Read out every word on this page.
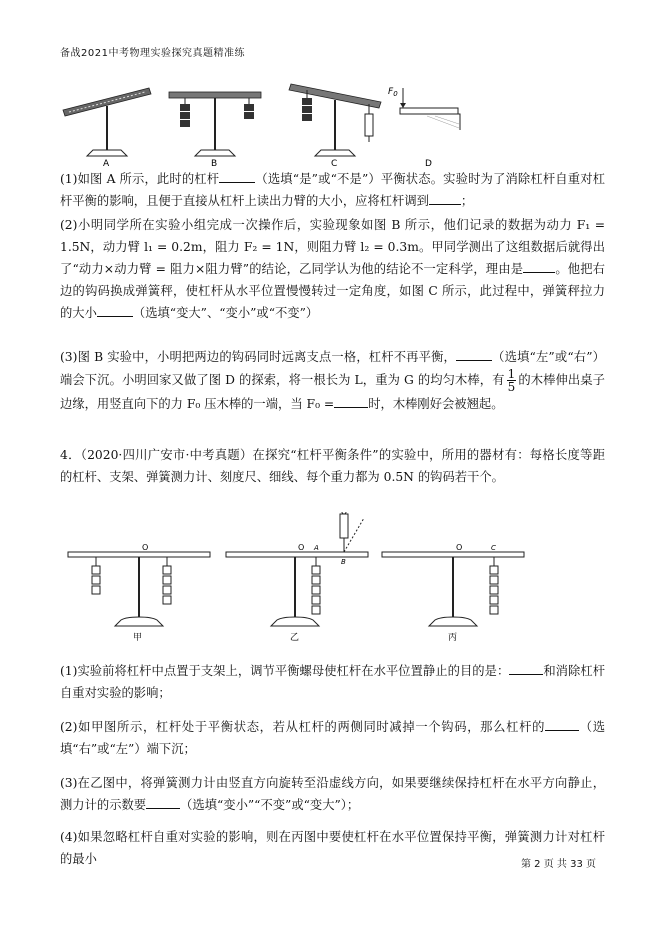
备战2021中考物理实验探究真题精准练
A	B	C
$F_0$
D
(1)如图 A 所示，此时的杠杆	（选填“是”或“不是”）平衡状态。实验时为了消除杠杆自重对杠杆平衡的影响，且便于直接从杠杆上读出力臂的大小，应将杠杆调到	；
(2)小明同学所在实验小组完成一次操作后，实验现象如图 B 所示，他们记录的数据为动力 F₁ = 1.5N，动力臂 l₁ = 0.2m，阻力 F₂ = 1N，则阻力臂 l₂ = 0.3m。甲同学测出了这组数据后就得出了“动力×动力臂 = 阻力×阻力臂”的结论，乙同学认为他的结论不一定科学，理由是	。他把右边的钩码换成弹簧秤，使杠杆从水平位置慢慢转过一定角度，如图 C 所示，此过程中，弹簧秤拉力的大小	（选填“变大”、“变小”或“不变”）
(3)图 B 实验中，小明把两边的钩码同时远离支点一格，杠杆不再平衡，	（选填“左”或“右”）端会下沉。小明回家又做了图 D 的探索，将一根长为 L，重为 G 的均匀木棒，有 $\frac{1}{5}$ 的木棒伸出桌子边缘，用竖直向下的力 F₀ 压木棒的一端，当 F₀ =	时，木棒刚好会被翘起。
4．（2020·四川广安市·中考真题）在探究“杠杆平衡条件”的实验中，所用的器材有：每格长度等距的杠杆、支架、弹簧测力计、刻度尺、细线、每个重力都为 0.5N 的钩码若干个。
O
甲
O A
B
乙
O	C
丙
(1)实验前将杠杆中点置于支架上，调节平衡螺母使杠杆在水平位置静止的目的是：	和消除杠杆自重对实验的影响；
(2)如甲图所示，杠杆处于平衡状态，若从杠杆的两侧同时减掉一个钩码，那么杠杆的	（选填“右”或“左”）端下沉；
(3)在乙图中，将弹簧测力计由竖直方向旋转至沿虚线方向，如果要继续保持杠杆在水平方向静止，测力计的示数要	（选填“变小”“不变”或“变大”）；
(4)如果忽略杠杆自重对实验的影响，则在丙图中要使杠杆在水平位置保持平衡，弹簧测力计对杠杆的最小	第 2 页 共 33 页
